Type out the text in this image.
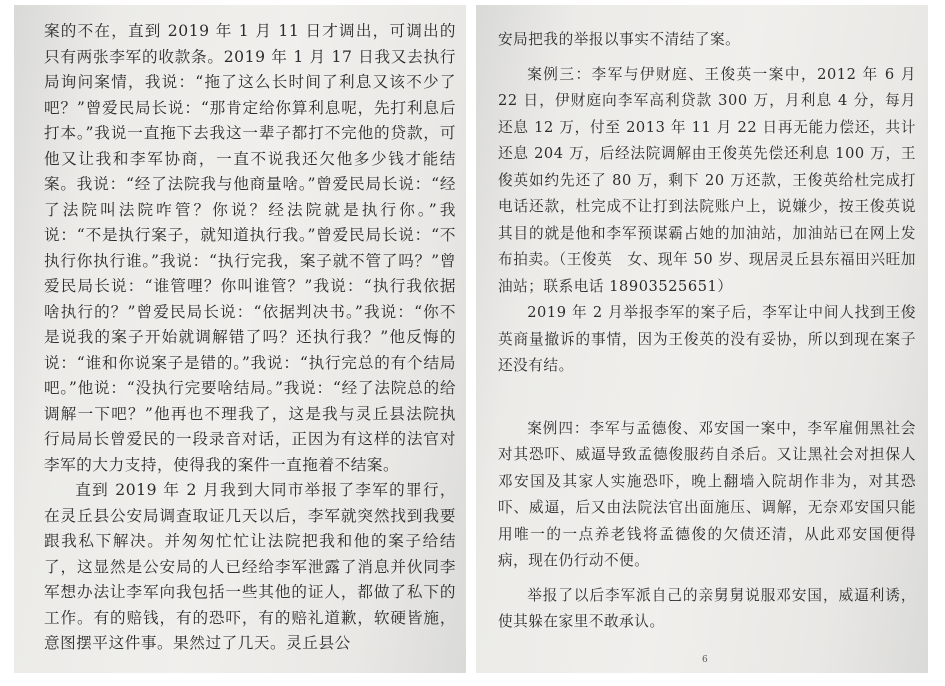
案的不在，直到 2019 年 1 月 11 日才调出，可调出的只有两张李军的收款条。2019 年 1 月 17 日我又去执行局询问案情，我说：“拖了这么长时间了利息又该不少了吧？”曾爱民局长说：“那肯定给你算利息呢，先打利息后打本。”我说一直拖下去我这一辈子都打不完他的贷款，可他又让我和李军协商，一直不说我还欠他多少钱才能结案。我说：“经了法院我与他商量啥。”曾爱民局长说：“经了法院叫法院咋管？你说？经法院就是执行你。”我说：“不是执行案子，就知道执行我。”曾爱民局长说：“不执行你执行谁。”我说：“执行完我，案子就不管了吗？”曾爱民局长说：“谁管哩？你叫谁管？”我说：“执行我依据啥执行的？”曾爱民局长说：“依据判决书。”我说：“你不是说我的案子开始就调解错了吗？还执行我？”他反悔的说：“谁和你说案子是错的。”我说：“执行完总的有个结局吧。”他说：“没执行完要啥结局。”我说：“经了法院总的给调解一下吧？”他再也不理我了，这是我与灵丘县法院执行局局长曾爱民的一段录音对话，正因为有这样的法官对李军的大力支持，使得我的案件一直拖着不结案。

直到 2019 年 2 月我到大同市举报了李军的罪行，在灵丘县公安局调查取证几天以后，李军就突然找到我要跟我私下解决。并匆匆忙忙让法院把我和他的案子给结了，这显然是公安局的人已经给李军泄露了消息并伙同李军想办法让李军向我包括一些其他的证人，都做了私下的工作。有的赔钱，有的恐吓，有的赔礼道歉，软硬皆施，意图摆平这件事。果然过了几天。灵丘县公

安局把我的举报以事实不清结了案。

案例三：李军与伊财庭、王俊英一案中，2012 年 6 月 22 日，伊财庭向李军高利贷款 300 万，月利息 4 分，每月还息 12 万，付至 2013 年 11 月 22 日再无能力偿还，共计还息 204 万，后经法院调解由王俊英先偿还利息 100 万，王俊英如约先还了 80 万，剩下 20 万还款，王俊英给杜完成打电话还款，杜完成不让打到法院账户上，说嫌少，按王俊英说其目的就是他和李军预谋霸占她的加油站，加油站已在网上发布拍卖。（王俊英　女、现年 50 岁、现居灵丘县东福田兴旺加油站；联系电话 18903525651）

2019 年 2 月举报李军的案子后，李军让中间人找到王俊英商量撤诉的事情，因为王俊英的没有妥协，所以到现在案子还没有结。

案例四：李军与孟德俊、邓安国一案中，李军雇佣黑社会对其恐吓、威逼导致孟德俊服药自杀后。又让黑社会对担保人邓安国及其家人实施恐吓，晚上翻墙入院胡作非为，对其恐吓、威逼，后又由法院法官出面施压、调解，无奈邓安国只能用唯一的一点养老钱将孟德俊的欠债还清，从此邓安国便得病，现在仍行动不便。

举报了以后李军派自己的亲舅舅说服邓安国，威逼利诱，使其躲在家里不敢承认。

6
